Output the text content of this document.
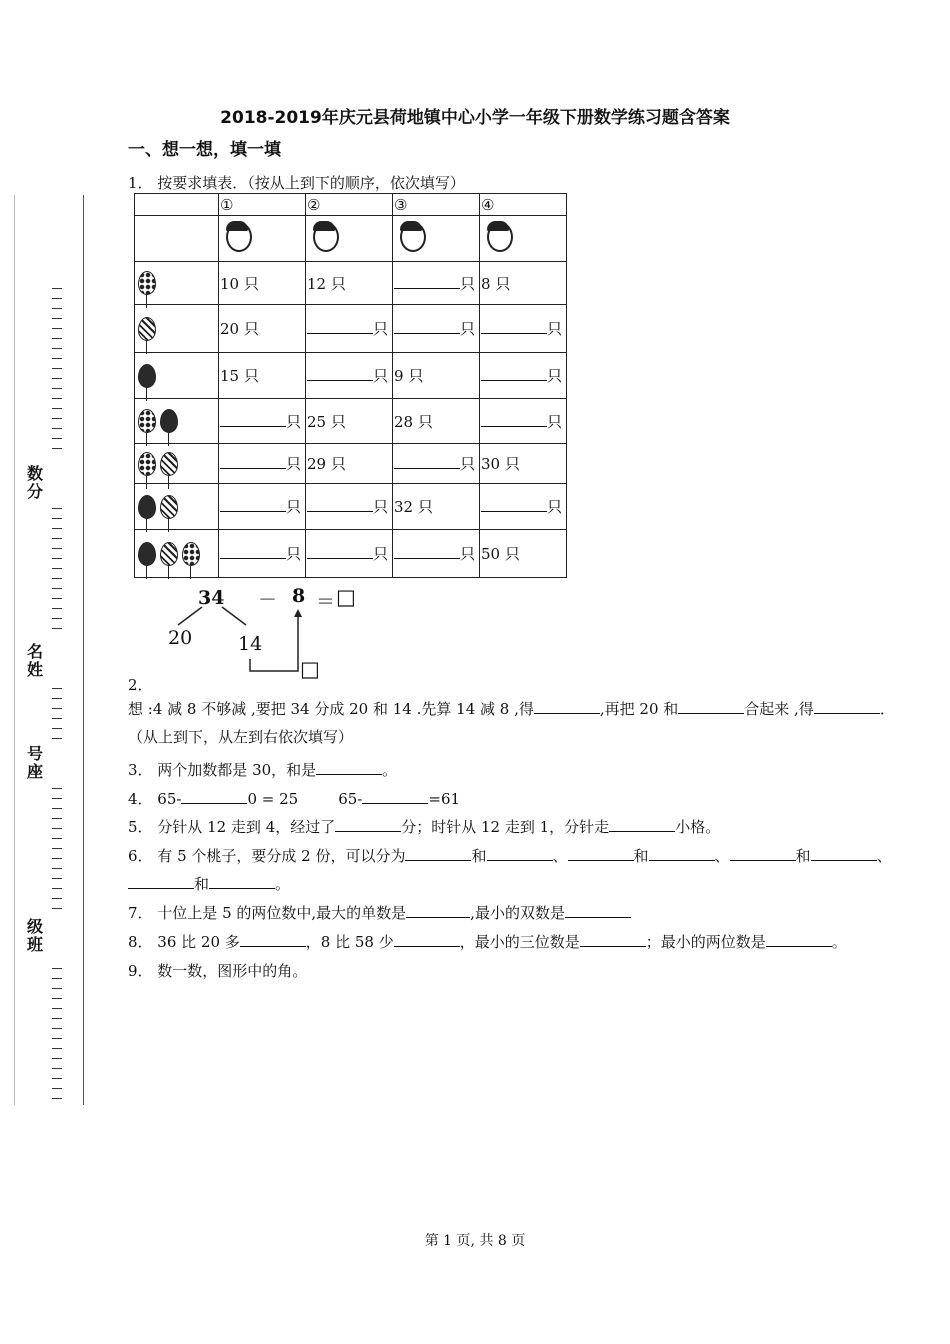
数
分
名
姓
号
座
级
班
2018-2019年庆元县荷地镇中心小学一年级下册数学练习题含答案
一、想一想，填一填
1． 按要求填表．（按从上到下的顺序，依次填写）
	①	②	③	④

	10 只	12 只	只	8 只
	20 只	只	只	只
	15 只	只	9 只	只
	只	25 只	28 只	只
	只	29 只	只	30 只
	只	只	32 只	只
	只	只	只	50 只
34 － 8 ＝ □
20 14
□
2．
想 :4 减 8 不够减 ,要把 34 分成 20 和 14 .先算 14 减 8 ,得	,再把 20 和	合起来 ,得	．
（从上到下，从左到右依次填写）
3． 两个加数都是 30，和是	。
4． 65-	0 = 25	65-	=61
5． 分针从 12 走到 4，经过了	分；时针从 12 走到 1，分针走	小格。
6． 有 5 个桃子，要分成 2 份，可以分为	和	、	和	、	和	、
和	。
7． 十位上是 5 的两位数中,最大的单数是	,最小的双数是
8． 36 比 20 多	，8 比 58 少	，最小的三位数是	；最小的两位数是	。
9． 数一数，图形中的角。
第 1 页, 共 8 页
